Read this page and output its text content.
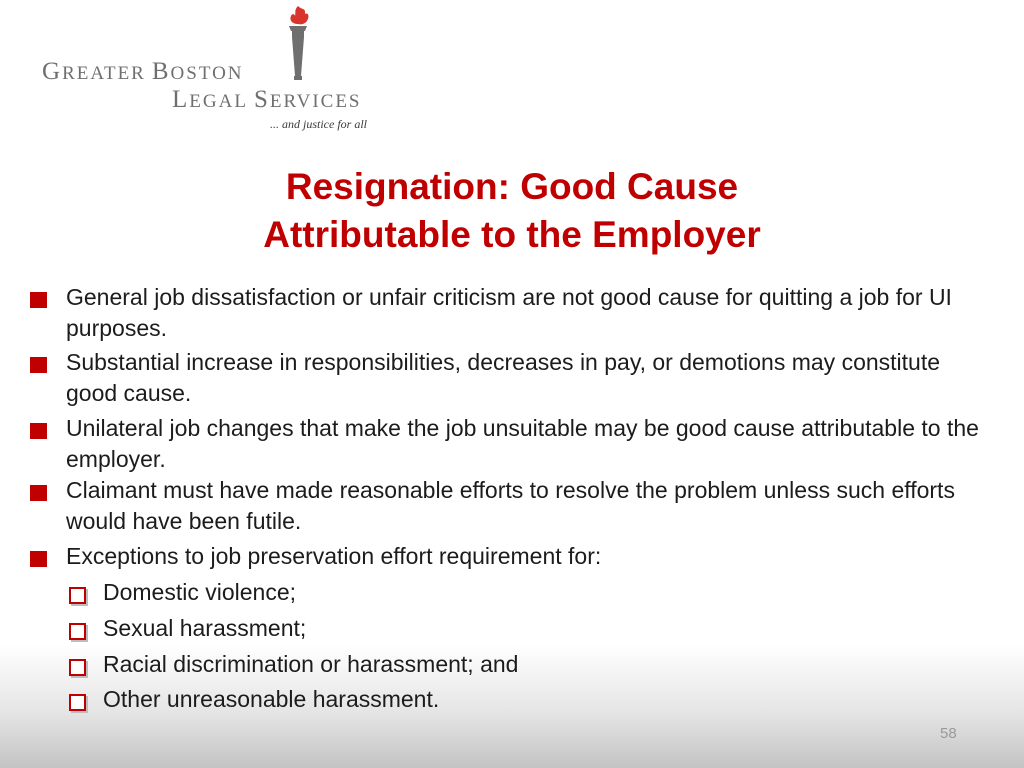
GREATER BOSTON
LEGAL SERVICES
... and justice for all
Resignation: Good Cause
Attributable to the Employer
General job dissatisfaction or unfair criticism are not good cause for quitting a job for UI purposes.
Substantial increase in responsibilities, decreases in pay, or demotions may constitute good cause.
Unilateral job changes that make the job unsuitable may be good cause attributable to the employer.
Claimant must have made reasonable efforts to resolve the problem unless such efforts would have been futile.
Exceptions to job preservation effort requirement for:
Domestic violence;
Sexual harassment;
Racial discrimination or harassment; and
Other unreasonable harassment.
58
